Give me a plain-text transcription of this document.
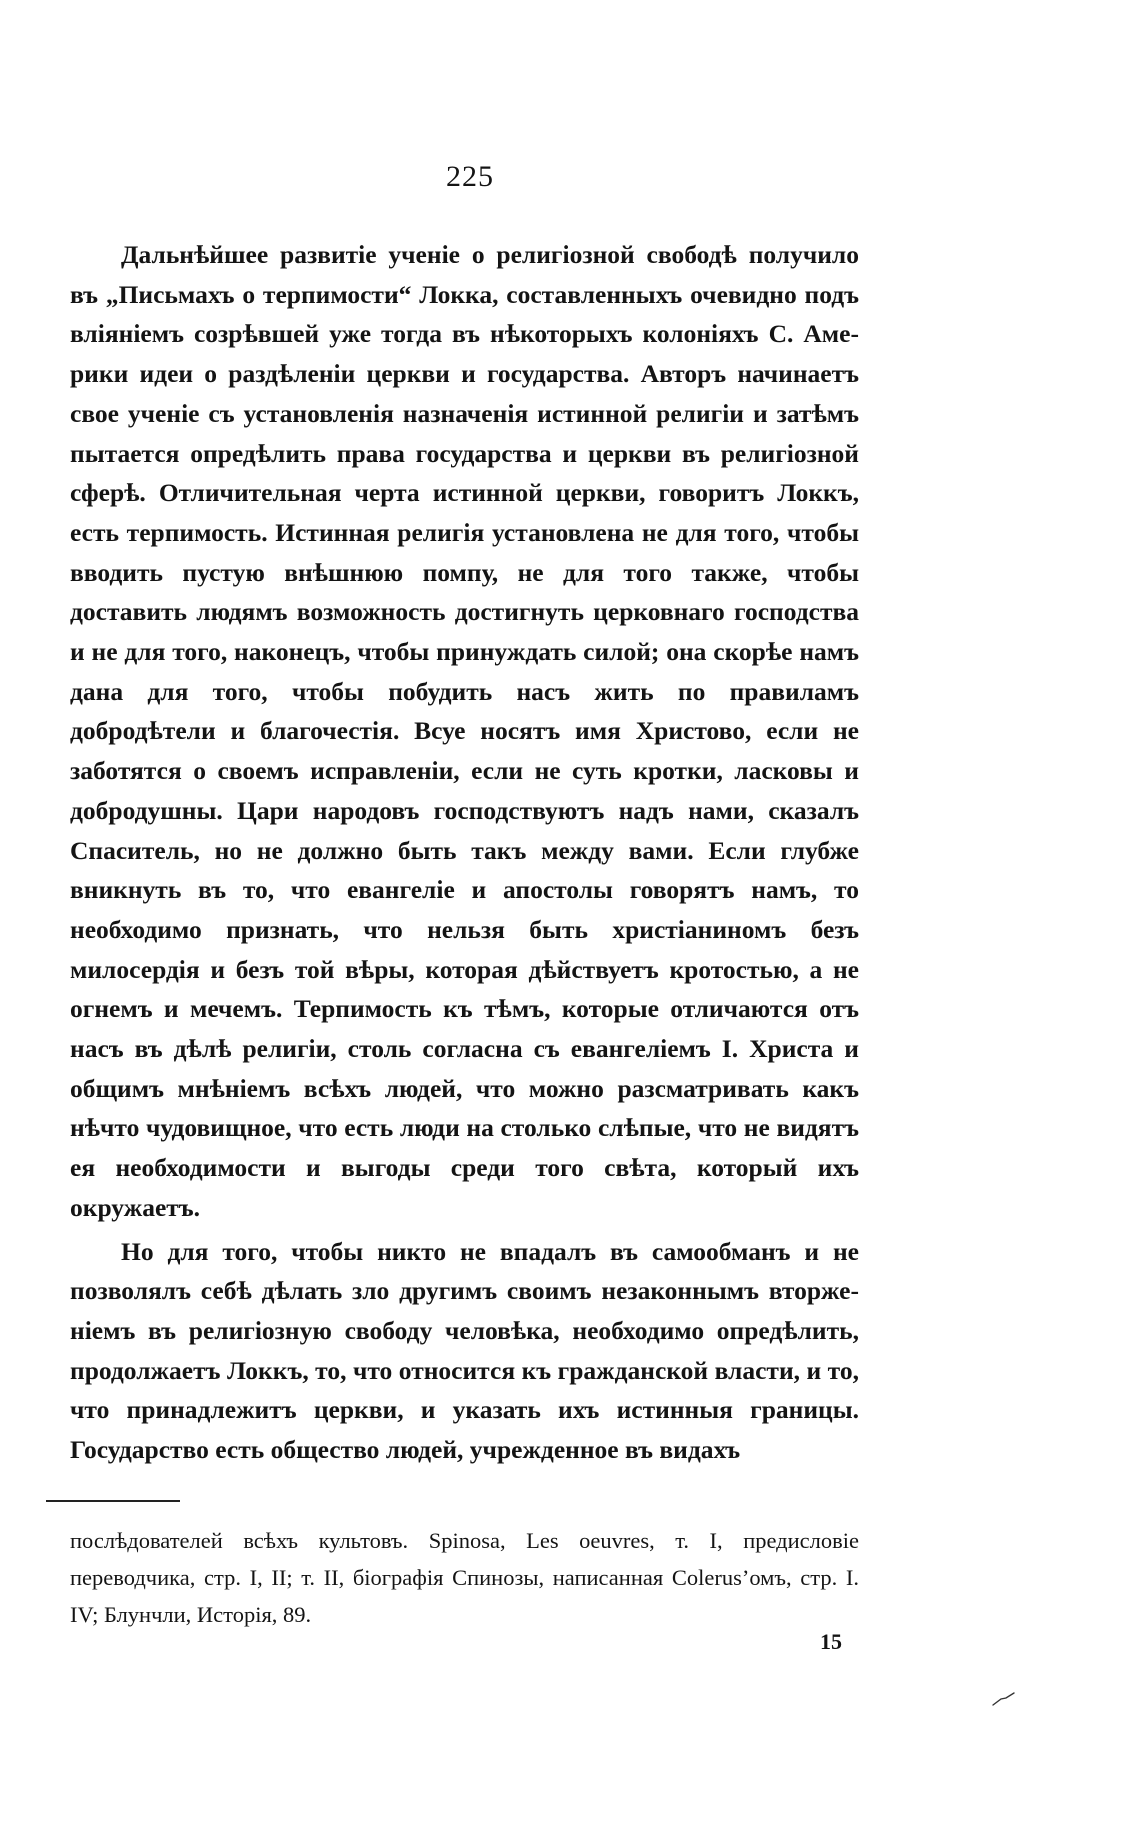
225

Дальнѣйшее развитіе ученіе о религіозной свободѣ получило въ „Письмахъ о терпимости“ Локка, составленныхъ очевидно подъ вліяніемъ созрѣвшей уже тогда въ нѣкоторыхъ колоніяхъ С. Америки идеи о раздѣленіи церкви и государства. Авторъ начинаетъ свое ученіе съ установленія назначенія истинной религіи и затѣмъ пытается опредѣлить права государства и церкви въ религіозной сферѣ. Отличительная черта истинной церкви, говоритъ Локкъ, есть терпимость. Истинная религія установлена не для того, чтобы вводить пустую внѣшнюю помпу, не для того также, чтобы доставить людямъ возможность достигнуть церковнаго господства и не для того, наконецъ, чтобы принуждать силой; она скорѣе намъ дана для того, чтобы побудить насъ жить по правиламъ добродѣтели и благочестія. Всуе носятъ имя Христово, если не заботятся о своемъ исправленіи, если не суть кротки, ласковы и добродушны. Цари народовъ господствуютъ надъ нами, сказалъ Спаситель, но не должно быть такъ между вами. Если глубже вникнуть въ то, что евангеліе и апостолы говорятъ намъ, то необходимо признать, что нельзя быть христіаниномъ безъ милосердія и безъ той вѣры, которая дѣйствуетъ кротостью, а не огнемъ и мечемъ. Терпимость къ тѣмъ, которые отличаются отъ насъ въ дѣлѣ религіи, столь согласна съ евангеліемъ І. Христа и общимъ мнѣніемъ всѣхъ людей, что можно разсматривать какъ нѣчто чудовищное, что есть люди на столько слѣпые, что не видятъ ея необходимости и выгоды среди того свѣта, который ихъ окружаетъ.

Но для того, чтобы никто не впадалъ въ самообманъ и не позволялъ себѣ дѣлать зло другимъ своимъ незаконнымъ вторженіемъ въ религіозную свободу человѣка, необходимо опредѣлить, продолжаетъ Локкъ, то, что относится къ гражданской власти, и то, что принадлежитъ церкви, и указать ихъ истинныя границы. Государство есть общество людей, учрежденное въ видахъ

послѣдователей всѣхъ культовъ. Spinosa, Les oeuvres, т. I, предисловіе переводчика, стр. I, II; т. II, біографія Спинозы, написанная Colerus’омъ, стр. I. IV; Блунчли, Исторія, 89.

15
